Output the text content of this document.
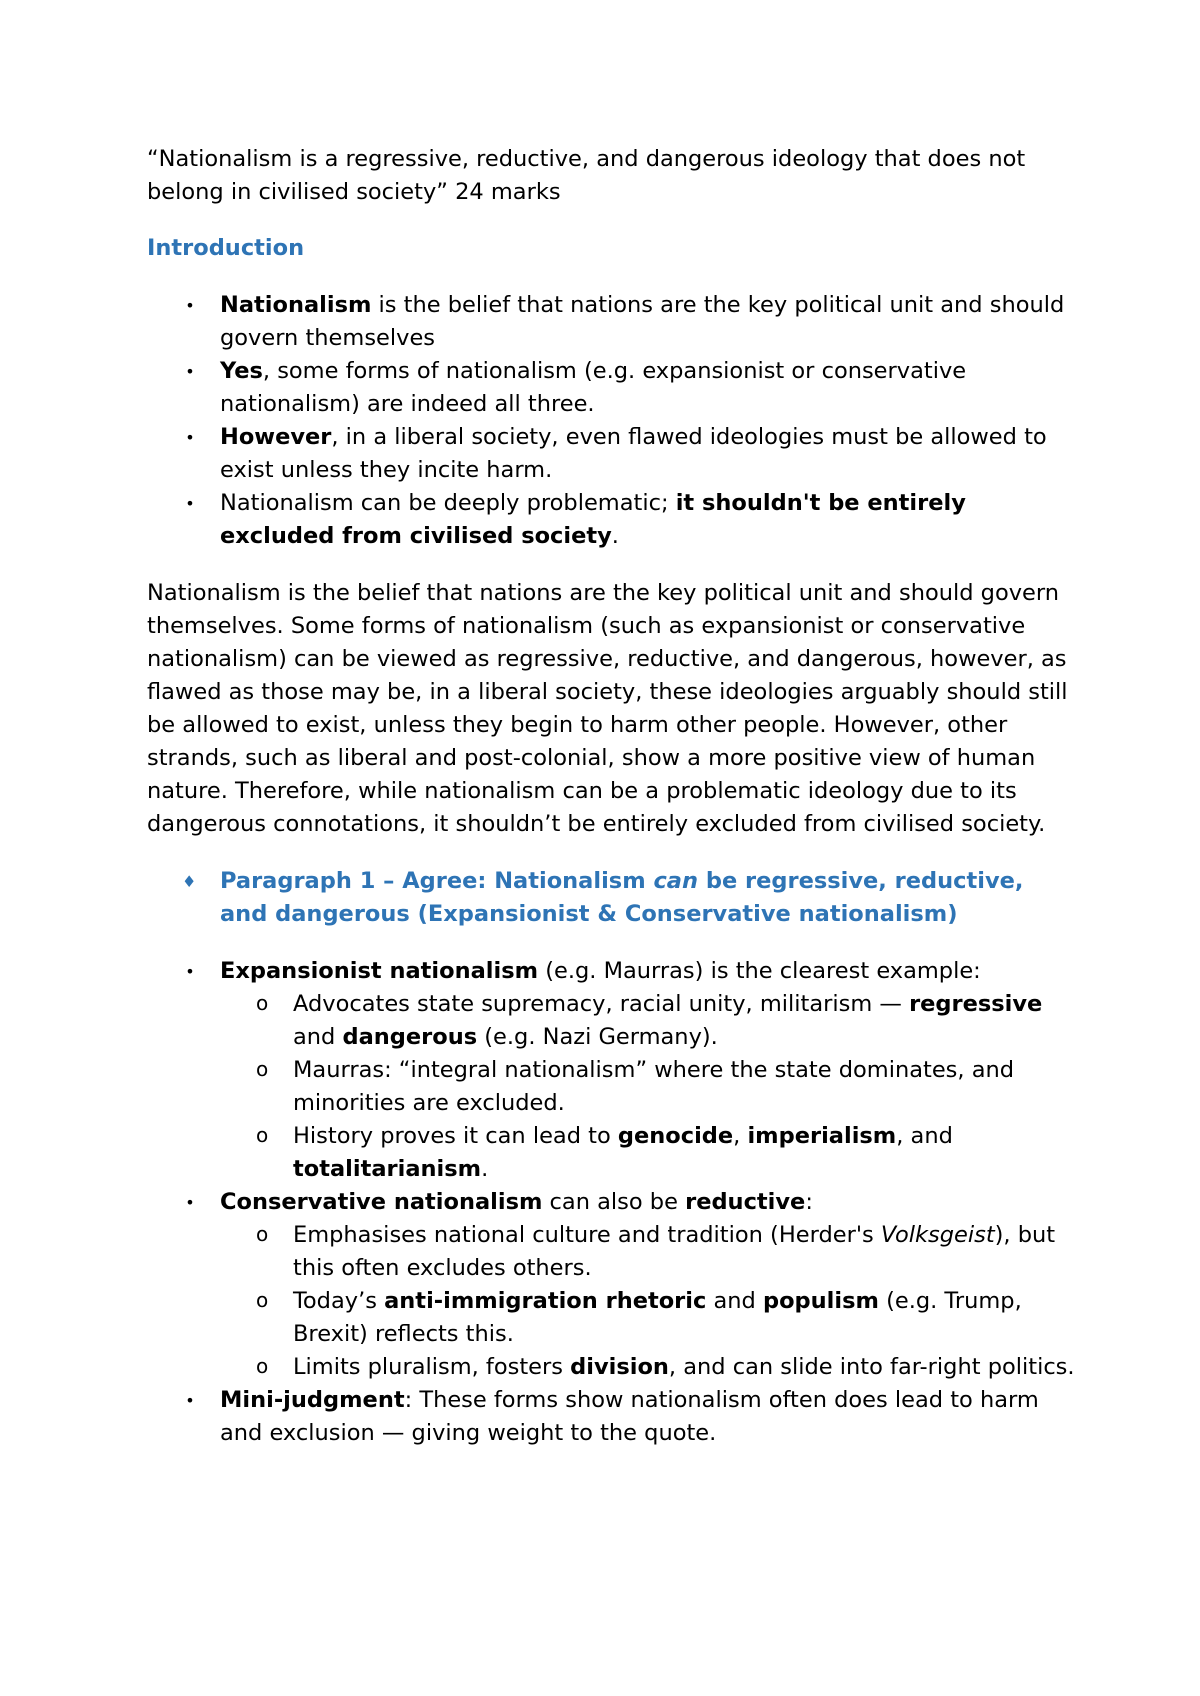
“Nationalism is a regressive, reductive, and dangerous ideology that does not belong in civilised society” 24 marks

Introduction

• Nationalism is the belief that nations are the key political unit and should govern themselves
• Yes, some forms of nationalism (e.g. expansionist or conservative nationalism) are indeed all three.
• However, in a liberal society, even flawed ideologies must be allowed to exist unless they incite harm.
• Nationalism can be deeply problematic; it shouldn't be entirely excluded from civilised society.

Nationalism is the belief that nations are the key political unit and should govern themselves. Some forms of nationalism (such as expansionist or conservative nationalism) can be viewed as regressive, reductive, and dangerous, however, as flawed as those may be, in a liberal society, these ideologies arguably should still be allowed to exist, unless they begin to harm other people. However, other strands, such as liberal and post-colonial, show a more positive view of human nature. Therefore, while nationalism can be a problematic ideology due to its dangerous connotations, it shouldn’t be entirely excluded from civilised society.

♦ Paragraph 1 – Agree: Nationalism can be regressive, reductive, and dangerous (Expansionist & Conservative nationalism)

• Expansionist nationalism (e.g. Maurras) is the clearest example:
o Advocates state supremacy, racial unity, militarism — regressive and dangerous (e.g. Nazi Germany).
o Maurras: “integral nationalism” where the state dominates, and minorities are excluded.
o History proves it can lead to genocide, imperialism, and totalitarianism.
• Conservative nationalism can also be reductive:
o Emphasises national culture and tradition (Herder's Volksgeist), but this often excludes others.
o Today’s anti-immigration rhetoric and populism (e.g. Trump, Brexit) reflects this.
o Limits pluralism, fosters division, and can slide into far-right politics.
• Mini-judgment: These forms show nationalism often does lead to harm and exclusion — giving weight to the quote.
